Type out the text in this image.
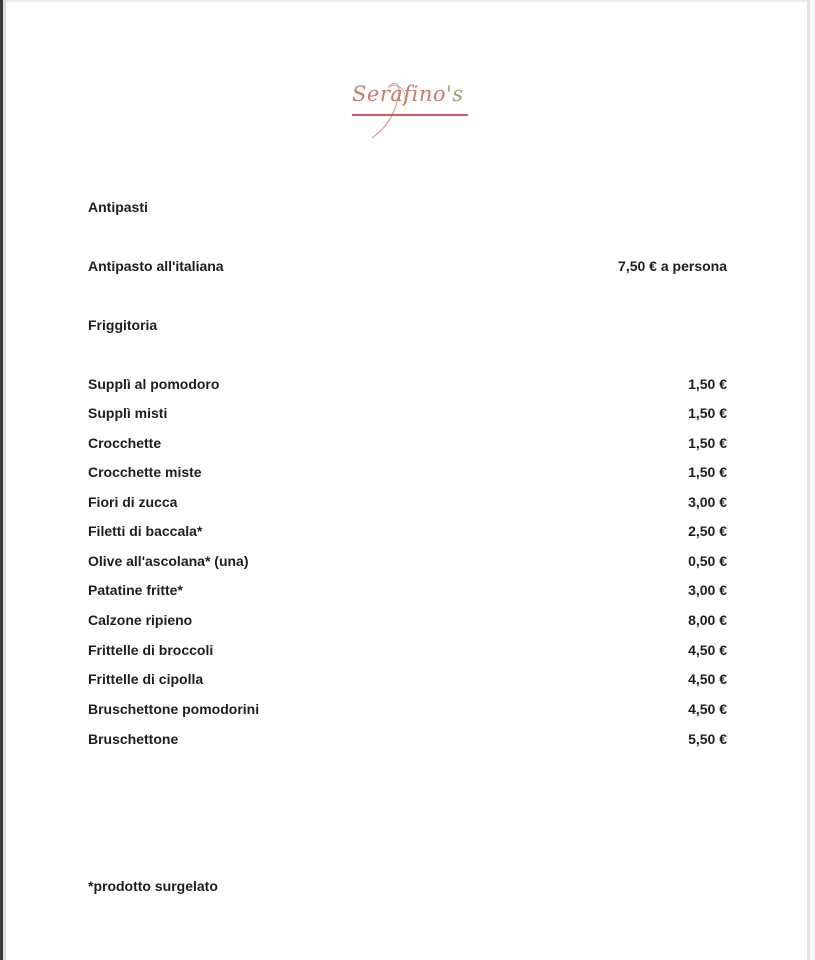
Serafino's
Antipasti
Antipasto all'italiana	7,50 € a persona
Friggitoria
Supplì al pomodoro	1,50 €
Supplì misti	1,50 €
Crocchette	1,50 €
Crocchette miste	1,50 €
Fiori di zucca	3,00 €
Filetti di baccala*	2,50 €
Olive all'ascolana* (una)	0,50 €
Patatine fritte*	3,00 €
Calzone ripieno	8,00 €
Frittelle di broccoli	4,50 €
Frittelle di cipolla	4,50 €
Bruschettone pomodorini	4,50 €
Bruschettone	5,50 €
*prodotto surgelato
